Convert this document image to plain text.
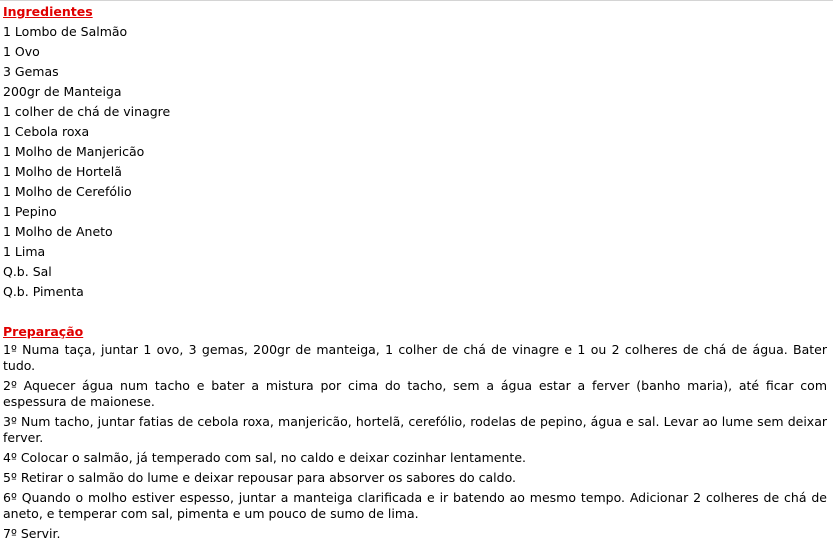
Ingredientes
1 Lombo de Salmão
1 Ovo
3 Gemas
200gr de Manteiga
1 colher de chá de vinagre
1 Cebola roxa
1 Molho de Manjericão
1 Molho de Hortelã
1 Molho de Cerefólio
1 Pepino
1 Molho de Aneto
1 Lima
Q.b. Sal
Q.b. Pimenta
Preparação
1º Numa taça, juntar 1 ovo, 3 gemas, 200gr de manteiga, 1 colher de chá de vinagre e 1 ou 2 colheres de chá de água. Bater tudo.
2º Aquecer água num tacho e bater a mistura por cima do tacho, sem a água estar a ferver (banho maria), até ficar com espessura de maionese.
3º Num tacho, juntar fatias de cebola roxa, manjericão, hortelã, cerefólio, rodelas de pepino, água e sal. Levar ao lume sem deixar ferver.
4º Colocar o salmão, já temperado com sal, no caldo e deixar cozinhar lentamente.
5º Retirar o salmão do lume e deixar repousar para absorver os sabores do caldo.
6º Quando o molho estiver espesso, juntar a manteiga clarificada e ir batendo ao mesmo tempo. Adicionar 2 colheres de chá de aneto, e temperar com sal, pimenta e um pouco de sumo de lima.
7º Servir.
